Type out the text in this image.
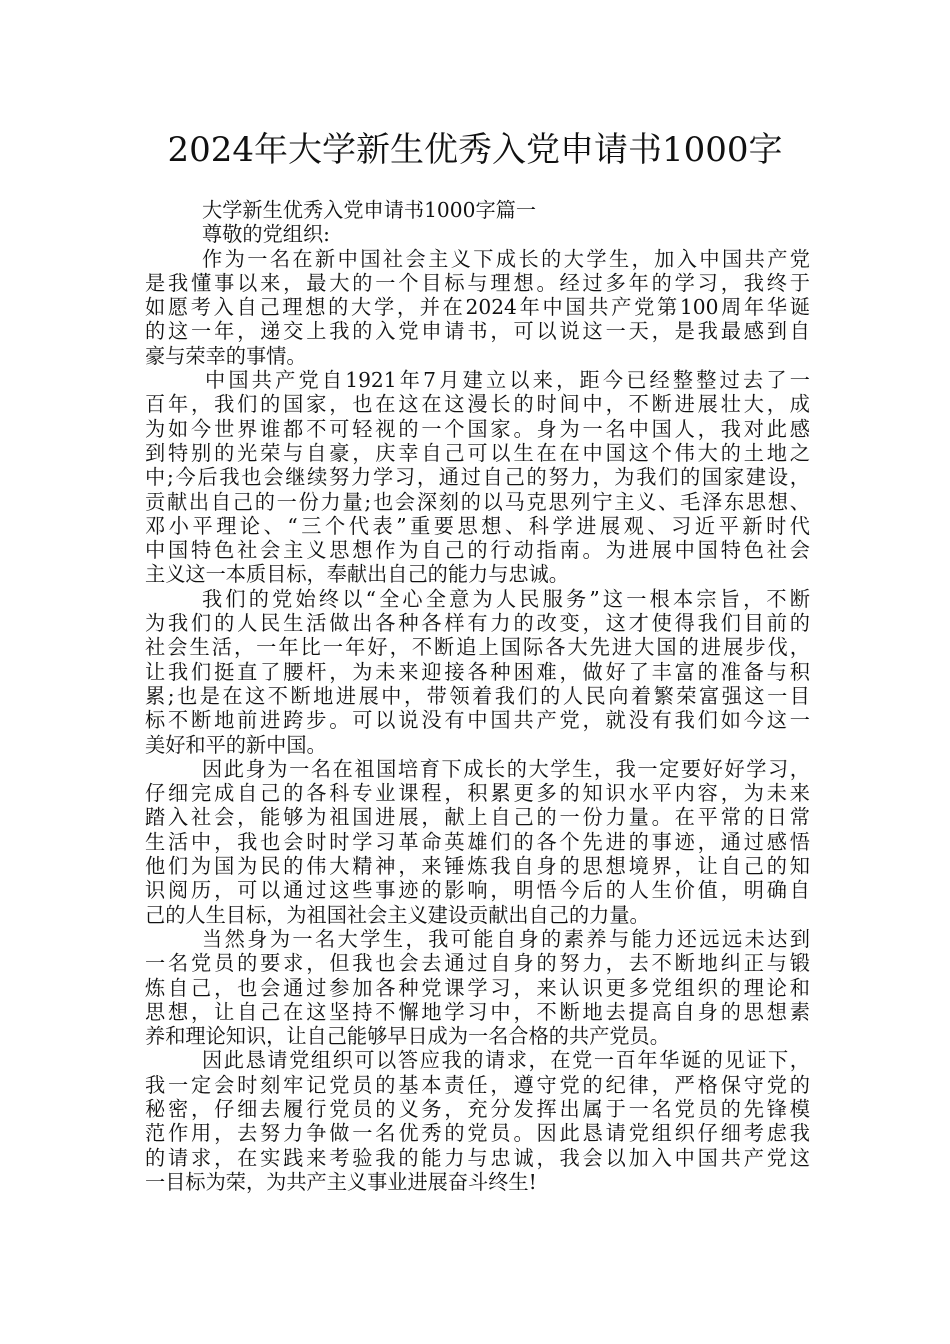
2024年大学新生优秀入党申请书1000字
大学新生优秀入党申请书1000字篇一
尊敬的党组织:
作为一名在新中国社会主义下成长的大学生，加入中国共产党
是我懂事以来，最大的一个目标与理想。经过多年的学习，我终于
如愿考入自己理想的大学，并在2024年中国共产党第100周年华诞
的这一年，递交上我的入党申请书，可以说这一天，是我最感到自
豪与荣幸的事情。
中国共产党自1921年7月建立以来，距今已经整整过去了一
百年，我们的国家，也在这在这漫长的时间中，不断进展壮大，成
为如今世界谁都不可轻视的一个国家。身为一名中国人，我对此感
到特别的光荣与自豪，庆幸自己可以生在在中国这个伟大的土地之
中;今后我也会继续努力学习，通过自己的努力，为我们的国家建设，
贡献出自己的一份力量;也会深刻的以马克思列宁主义、毛泽东思想、
邓小平理论、“三个代表”重要思想、科学进展观、习近平新时代
中国特色社会主义思想作为自己的行动指南。为进展中国特色社会
主义这一本质目标，奉献出自己的能力与忠诚。
我们的党始终以“全心全意为人民服务”这一根本宗旨，不断
为我们的人民生活做出各种各样有力的改变，这才使得我们目前的
社会生活，一年比一年好，不断追上国际各大先进大国的进展步伐，
让我们挺直了腰杆，为未来迎接各种困难，做好了丰富的准备与积
累;也是在这不断地进展中，带领着我们的人民向着繁荣富强这一目
标不断地前进跨步。可以说没有中国共产党，就没有我们如今这一
美好和平的新中国。
因此身为一名在祖国培育下成长的大学生，我一定要好好学习，
仔细完成自己的各科专业课程，积累更多的知识水平内容，为未来
踏入社会，能够为祖国进展，献上自己的一份力量。在平常的日常
生活中，我也会时时学习革命英雄们的各个先进的事迹，通过感悟
他们为国为民的伟大精神，来锤炼我自身的思想境界，让自己的知
识阅历，可以通过这些事迹的影响，明悟今后的人生价值，明确自
己的人生目标，为祖国社会主义建设贡献出自己的力量。
当然身为一名大学生，我可能自身的素养与能力还远远未达到
一名党员的要求，但我也会去通过自身的努力，去不断地纠正与锻
炼自己，也会通过参加各种党课学习，来认识更多党组织的理论和
思想，让自己在这坚持不懈地学习中，不断地去提高自身的思想素
养和理论知识，让自己能够早日成为一名合格的共产党员。
因此恳请党组织可以答应我的请求，在党一百年华诞的见证下，
我一定会时刻牢记党员的基本责任，遵守党的纪律，严格保守党的
秘密，仔细去履行党员的义务，充分发挥出属于一名党员的先锋模
范作用，去努力争做一名优秀的党员。因此恳请党组织仔细考虑我
的请求，在实践来考验我的能力与忠诚，我会以加入中国共产党这
一目标为荣，为共产主义事业进展奋斗终生!
